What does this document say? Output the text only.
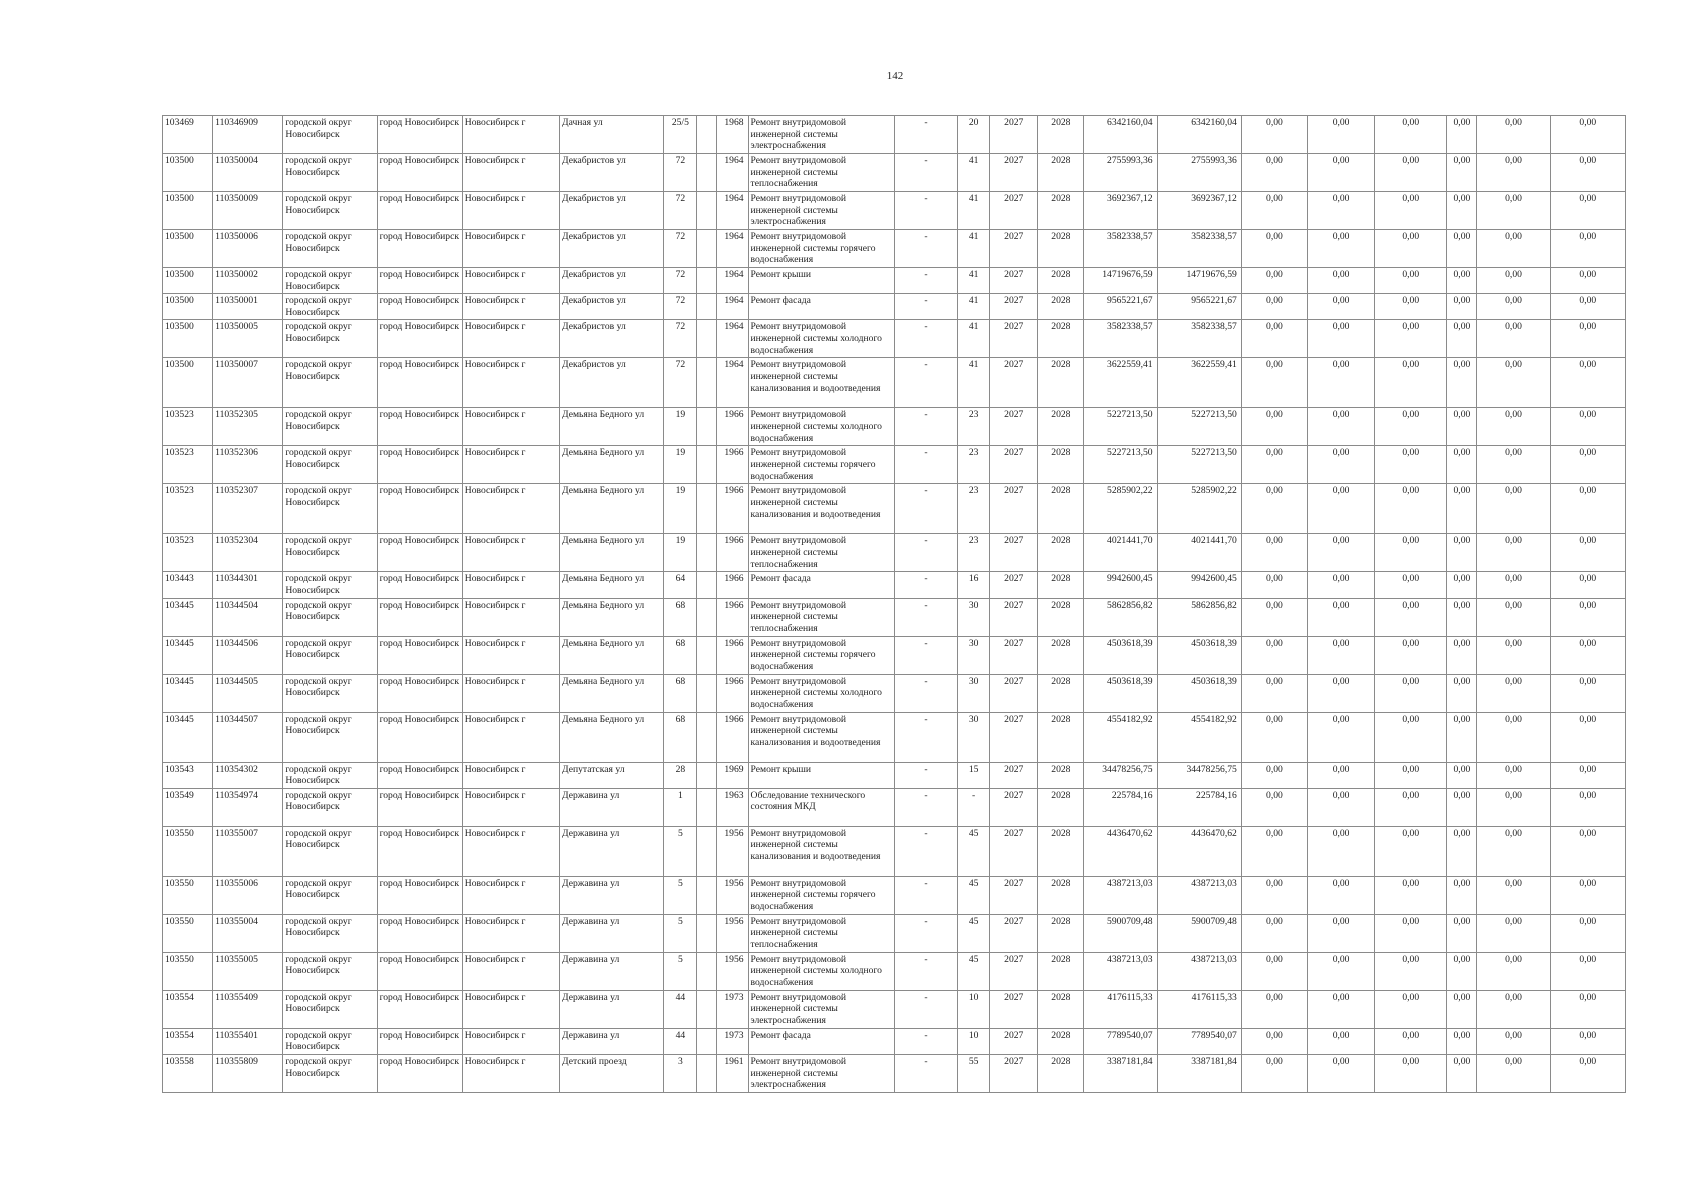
142
103469	110346909	городской округ Новосибирск	город Новосибирск	Новосибирск г	Дачная ул	25/5		1968	Ремонт внутридомовой инженерной системы электроснабжения	-	20	2027	2028	6342160,04	6342160,04	0,00	0,00	0,00	0,00	0,00	0,00
103500	110350004	городской округ Новосибирск	город Новосибирск	Новосибирск г	Декабристов ул	72		1964	Ремонт внутридомовой инженерной системы теплоснабжения	-	41	2027	2028	2755993,36	2755993,36	0,00	0,00	0,00	0,00	0,00	0,00
103500	110350009	городской округ Новосибирск	город Новосибирск	Новосибирск г	Декабристов ул	72		1964	Ремонт внутридомовой инженерной системы электроснабжения	-	41	2027	2028	3692367,12	3692367,12	0,00	0,00	0,00	0,00	0,00	0,00
103500	110350006	городской округ Новосибирск	город Новосибирск	Новосибирск г	Декабристов ул	72		1964	Ремонт внутридомовой инженерной системы горячего водоснабжения	-	41	2027	2028	3582338,57	3582338,57	0,00	0,00	0,00	0,00	0,00	0,00
103500	110350002	городской округ Новосибирск	город Новосибирск	Новосибирск г	Декабристов ул	72		1964	Ремонт крыши	-	41	2027	2028	14719676,59	14719676,59	0,00	0,00	0,00	0,00	0,00	0,00
103500	110350001	городской округ Новосибирск	город Новосибирск	Новосибирск г	Декабристов ул	72		1964	Ремонт фасада	-	41	2027	2028	9565221,67	9565221,67	0,00	0,00	0,00	0,00	0,00	0,00
103500	110350005	городской округ Новосибирск	город Новосибирск	Новосибирск г	Декабристов ул	72		1964	Ремонт внутридомовой инженерной системы холодного водоснабжения	-	41	2027	2028	3582338,57	3582338,57	0,00	0,00	0,00	0,00	0,00	0,00
103500	110350007	городской округ Новосибирск	город Новосибирск	Новосибирск г	Декабристов ул	72		1964	Ремонт внутридомовой инженерной системы канализования и водоотведения	-	41	2027	2028	3622559,41	3622559,41	0,00	0,00	0,00	0,00	0,00	0,00
103523	110352305	городской округ Новосибирск	город Новосибирск	Новосибирск г	Демьяна Бедного ул	19		1966	Ремонт внутридомовой инженерной системы холодного водоснабжения	-	23	2027	2028	5227213,50	5227213,50	0,00	0,00	0,00	0,00	0,00	0,00
103523	110352306	городской округ Новосибирск	город Новосибирск	Новосибирск г	Демьяна Бедного ул	19		1966	Ремонт внутридомовой инженерной системы горячего водоснабжения	-	23	2027	2028	5227213,50	5227213,50	0,00	0,00	0,00	0,00	0,00	0,00
103523	110352307	городской округ Новосибирск	город Новосибирск	Новосибирск г	Демьяна Бедного ул	19		1966	Ремонт внутридомовой инженерной системы канализования и водоотведения	-	23	2027	2028	5285902,22	5285902,22	0,00	0,00	0,00	0,00	0,00	0,00
103523	110352304	городской округ Новосибирск	город Новосибирск	Новосибирск г	Демьяна Бедного ул	19		1966	Ремонт внутридомовой инженерной системы теплоснабжения	-	23	2027	2028	4021441,70	4021441,70	0,00	0,00	0,00	0,00	0,00	0,00
103443	110344301	городской округ Новосибирск	город Новосибирск	Новосибирск г	Демьяна Бедного ул	64		1966	Ремонт фасада	-	16	2027	2028	9942600,45	9942600,45	0,00	0,00	0,00	0,00	0,00	0,00
103445	110344504	городской округ Новосибирск	город Новосибирск	Новосибирск г	Демьяна Бедного ул	68		1966	Ремонт внутридомовой инженерной системы теплоснабжения	-	30	2027	2028	5862856,82	5862856,82	0,00	0,00	0,00	0,00	0,00	0,00
103445	110344506	городской округ Новосибирск	город Новосибирск	Новосибирск г	Демьяна Бедного ул	68		1966	Ремонт внутридомовой инженерной системы горячего водоснабжения	-	30	2027	2028	4503618,39	4503618,39	0,00	0,00	0,00	0,00	0,00	0,00
103445	110344505	городской округ Новосибирск	город Новосибирск	Новосибирск г	Демьяна Бедного ул	68		1966	Ремонт внутридомовой инженерной системы холодного водоснабжения	-	30	2027	2028	4503618,39	4503618,39	0,00	0,00	0,00	0,00	0,00	0,00
103445	110344507	городской округ Новосибирск	город Новосибирск	Новосибирск г	Демьяна Бедного ул	68		1966	Ремонт внутридомовой инженерной системы канализования и водоотведения	-	30	2027	2028	4554182,92	4554182,92	0,00	0,00	0,00	0,00	0,00	0,00
103543	110354302	городской округ Новосибирск	город Новосибирск	Новосибирск г	Депутатская ул	28		1969	Ремонт крыши	-	15	2027	2028	34478256,75	34478256,75	0,00	0,00	0,00	0,00	0,00	0,00
103549	110354974	городской округ Новосибирск	город Новосибирск	Новосибирск г	Державина ул	1		1963	Обследование технического состояния МКД	-	-	2027	2028	225784,16	225784,16	0,00	0,00	0,00	0,00	0,00	0,00
103550	110355007	городской округ Новосибирск	город Новосибирск	Новосибирск г	Державина ул	5		1956	Ремонт внутридомовой инженерной системы канализования и водоотведения	-	45	2027	2028	4436470,62	4436470,62	0,00	0,00	0,00	0,00	0,00	0,00
103550	110355006	городской округ Новосибирск	город Новосибирск	Новосибирск г	Державина ул	5		1956	Ремонт внутридомовой инженерной системы горячего водоснабжения	-	45	2027	2028	4387213,03	4387213,03	0,00	0,00	0,00	0,00	0,00	0,00
103550	110355004	городской округ Новосибирск	город Новосибирск	Новосибирск г	Державина ул	5		1956	Ремонт внутридомовой инженерной системы теплоснабжения	-	45	2027	2028	5900709,48	5900709,48	0,00	0,00	0,00	0,00	0,00	0,00
103550	110355005	городской округ Новосибирск	город Новосибирск	Новосибирск г	Державина ул	5		1956	Ремонт внутридомовой инженерной системы холодного водоснабжения	-	45	2027	2028	4387213,03	4387213,03	0,00	0,00	0,00	0,00	0,00	0,00
103554	110355409	городской округ Новосибирск	город Новосибирск	Новосибирск г	Державина ул	44		1973	Ремонт внутридомовой инженерной системы электроснабжения	-	10	2027	2028	4176115,33	4176115,33	0,00	0,00	0,00	0,00	0,00	0,00
103554	110355401	городской округ Новосибирск	город Новосибирск	Новосибирск г	Державина ул	44		1973	Ремонт фасада	-	10	2027	2028	7789540,07	7789540,07	0,00	0,00	0,00	0,00	0,00	0,00
103558	110355809	городской округ Новосибирск	город Новосибирск	Новосибирск г	Детский проезд	3		1961	Ремонт внутридомовой инженерной системы электроснабжения	-	55	2027	2028	3387181,84	3387181,84	0,00	0,00	0,00	0,00	0,00	0,00
